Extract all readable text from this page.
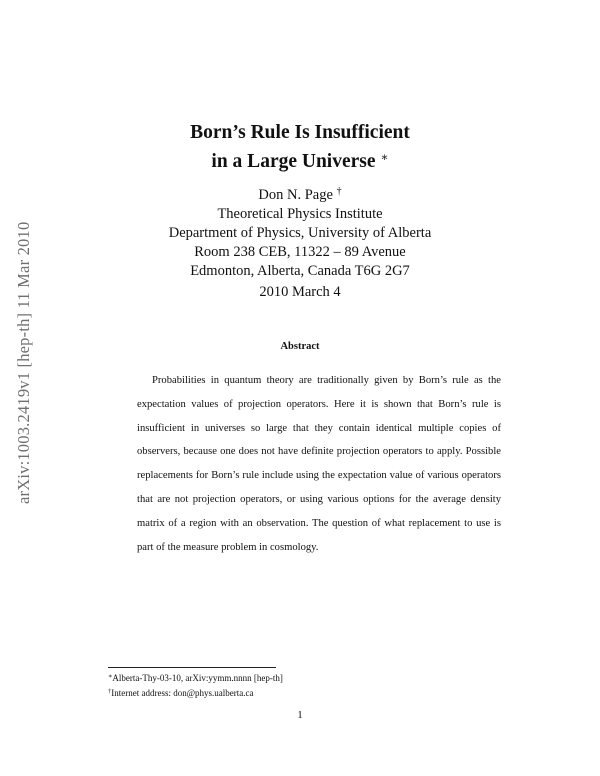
arXiv:1003.2419v1 [hep-th] 11 Mar 2010
Born’s Rule Is Insufficient
in a Large Universe ∗
Don N. Page †
Theoretical Physics Institute
Department of Physics, University of Alberta
Room 238 CEB, 11322 – 89 Avenue
Edmonton, Alberta, Canada T6G 2G7
2010 March 4
Abstract

Probabilities in quantum theory are traditionally given by Born’s rule as the expectation values of projection operators. Here it is shown that Born’s rule is insufficient in universes so large that they contain identical multiple copies of observers, because one does not have definite projection operators to apply. Possible replacements for Born’s rule include using the expectation value of various operators that are not projection operators, or using various options for the average density matrix of a region with an observation. The question of what replacement to use is part of the measure problem in cosmology.

∗Alberta-Thy-03-10, arXiv:yymm.nnnn [hep-th]
†Internet address: don@phys.ualberta.ca
1
